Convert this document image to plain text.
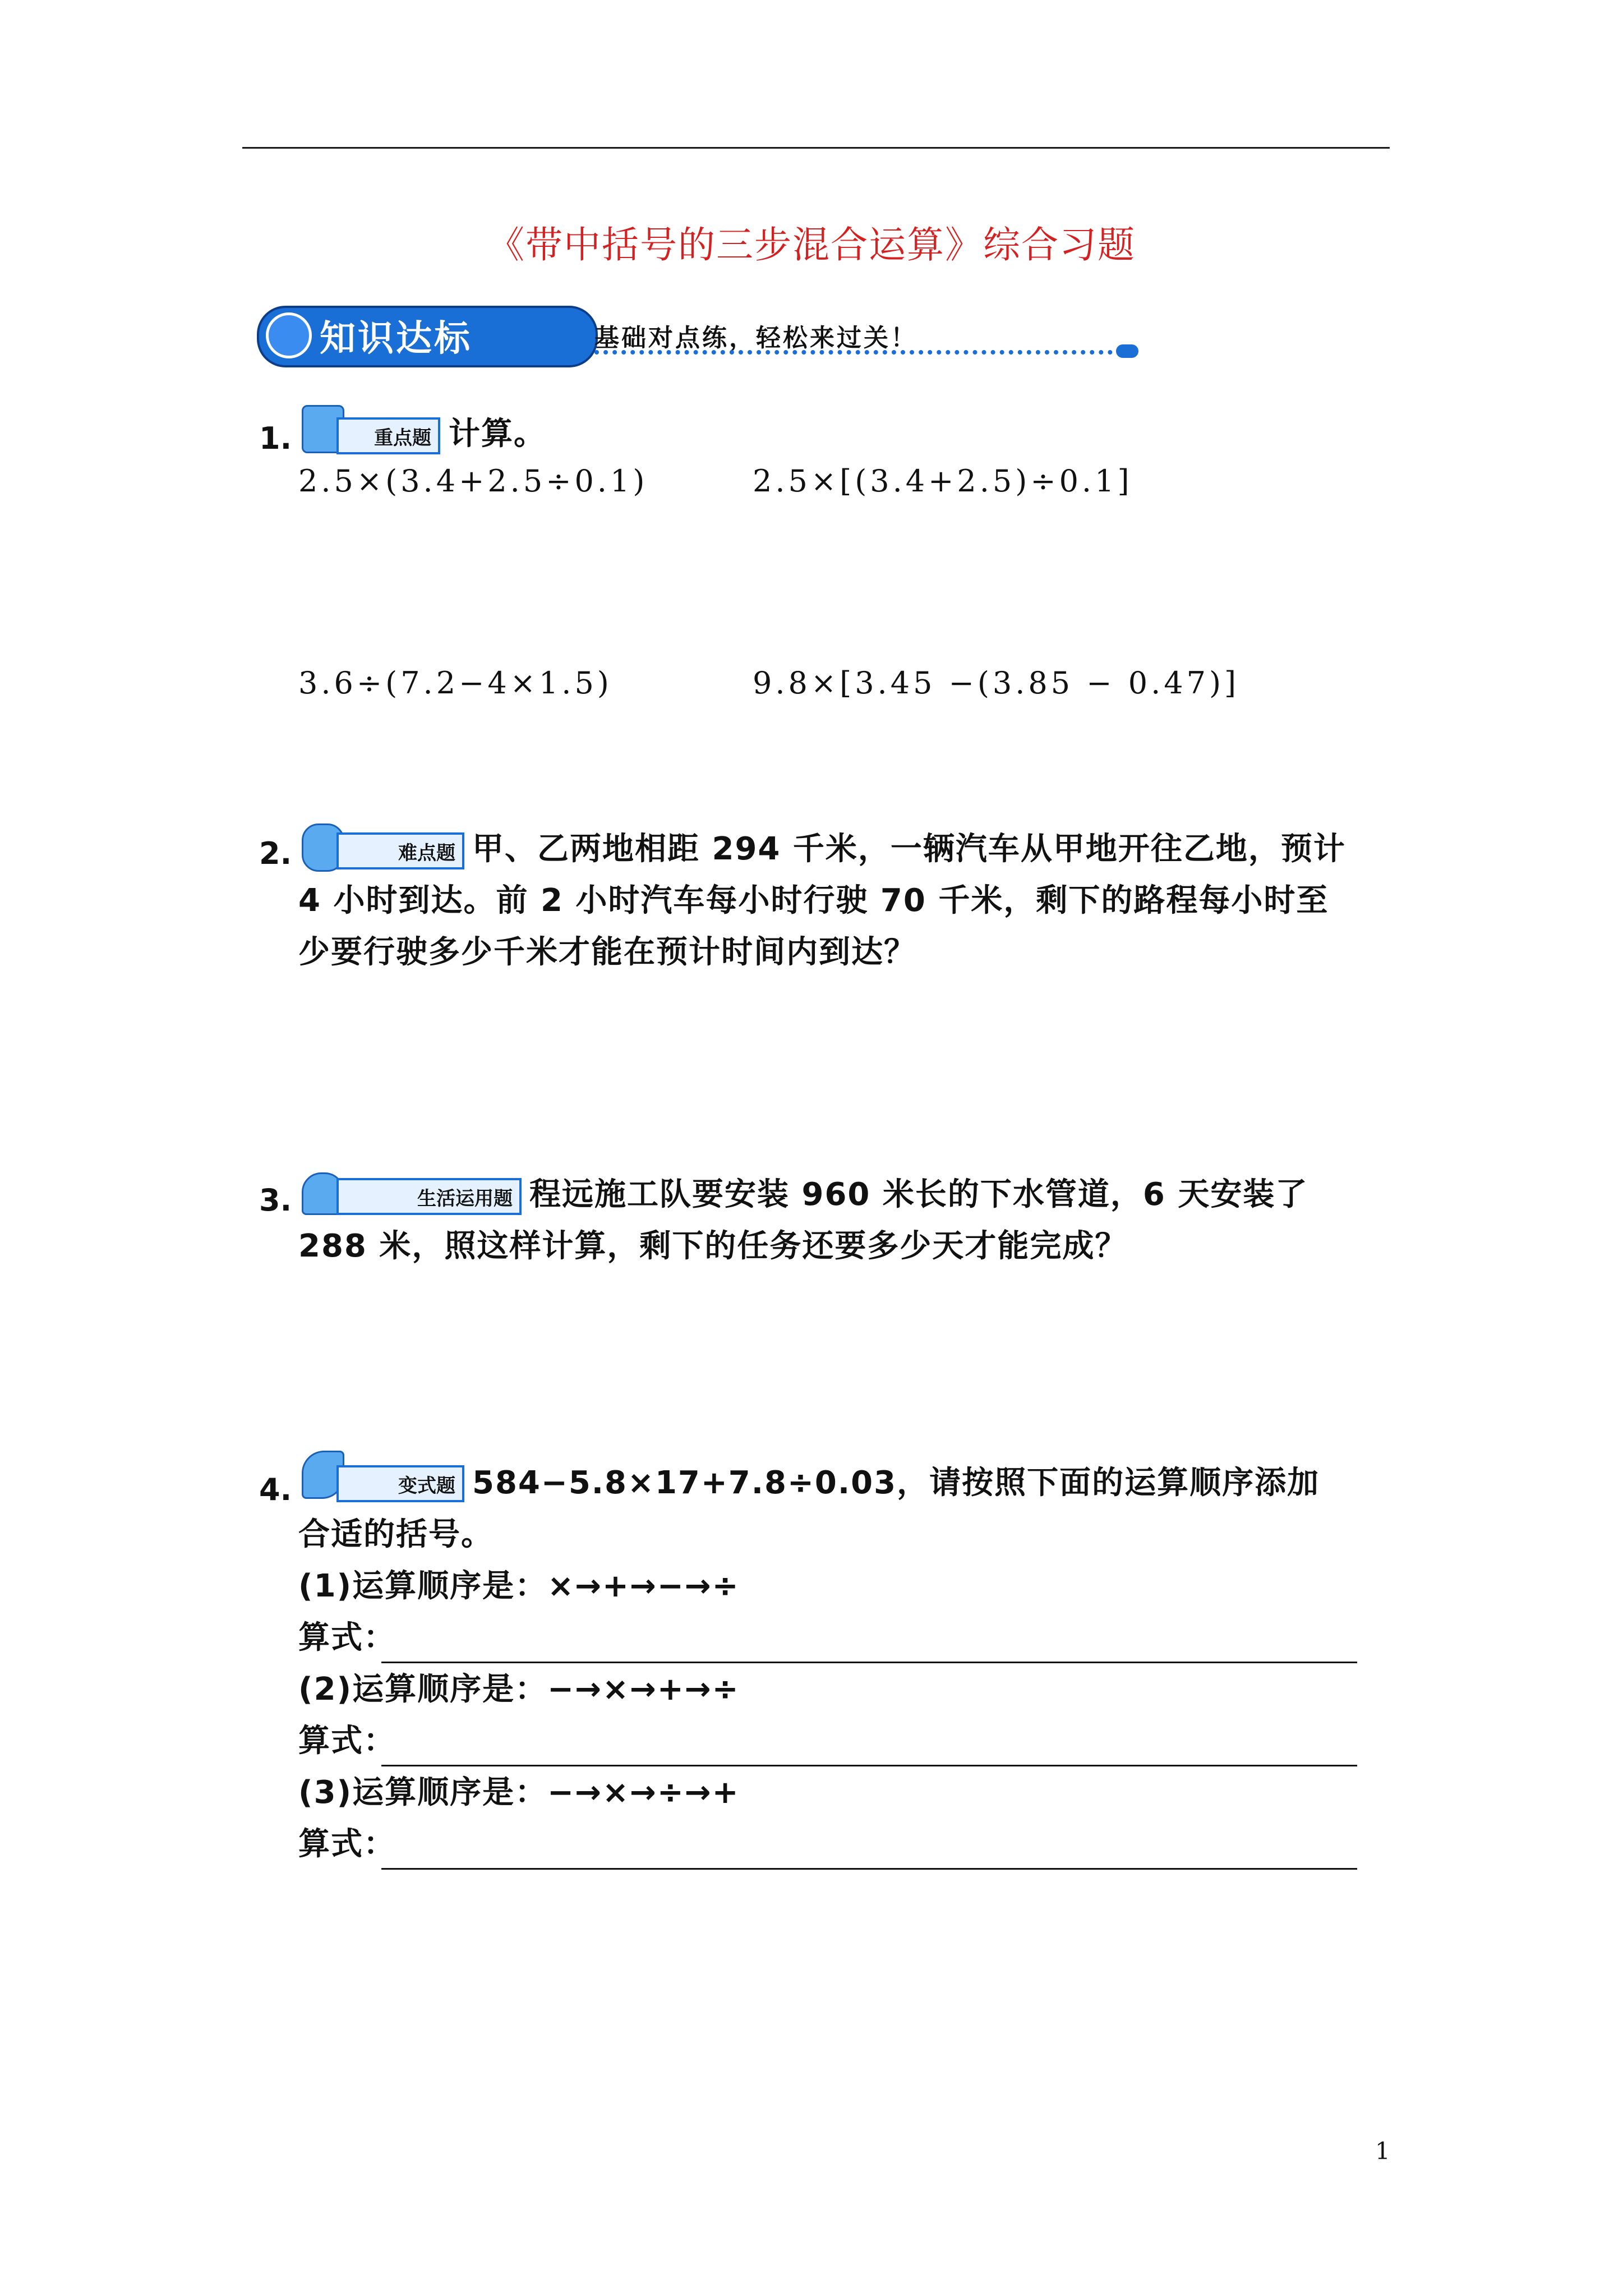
《带中括号的三步混合运算》综合习题
知识达标 ✻ 基础对点练，轻松来过关！
1.	重点题 计算。
2.5×(3.4+2.5÷0.1)	2.5×[(3.4+2.5)÷0.1]
3.6÷(7.2−4×1.5)	9.8×[3.45 −(3.85 − 0.47)]
2.	难点题 甲、乙两地相距 294 千米，一辆汽车从甲地开往乙地，预计
4 小时到达。前 2 小时汽车每小时行驶 70 千米，剩下的路程每小时至
少要行驶多少千米才能在预计时间内到达？
3.	生活运用题 程远施工队要安装 960 米长的下水管道，6 天安装了
288 米，照这样计算，剩下的任务还要多少天才能完成？
4.	变式题 584−5.8×17+7.8÷0.03，请按照下面的运算顺序添加
合适的括号。
(1)运算顺序是：×→+→−→÷
算式：
(2)运算顺序是：−→×→+→÷
算式：
(3)运算顺序是：−→×→÷→+
算式：
1
